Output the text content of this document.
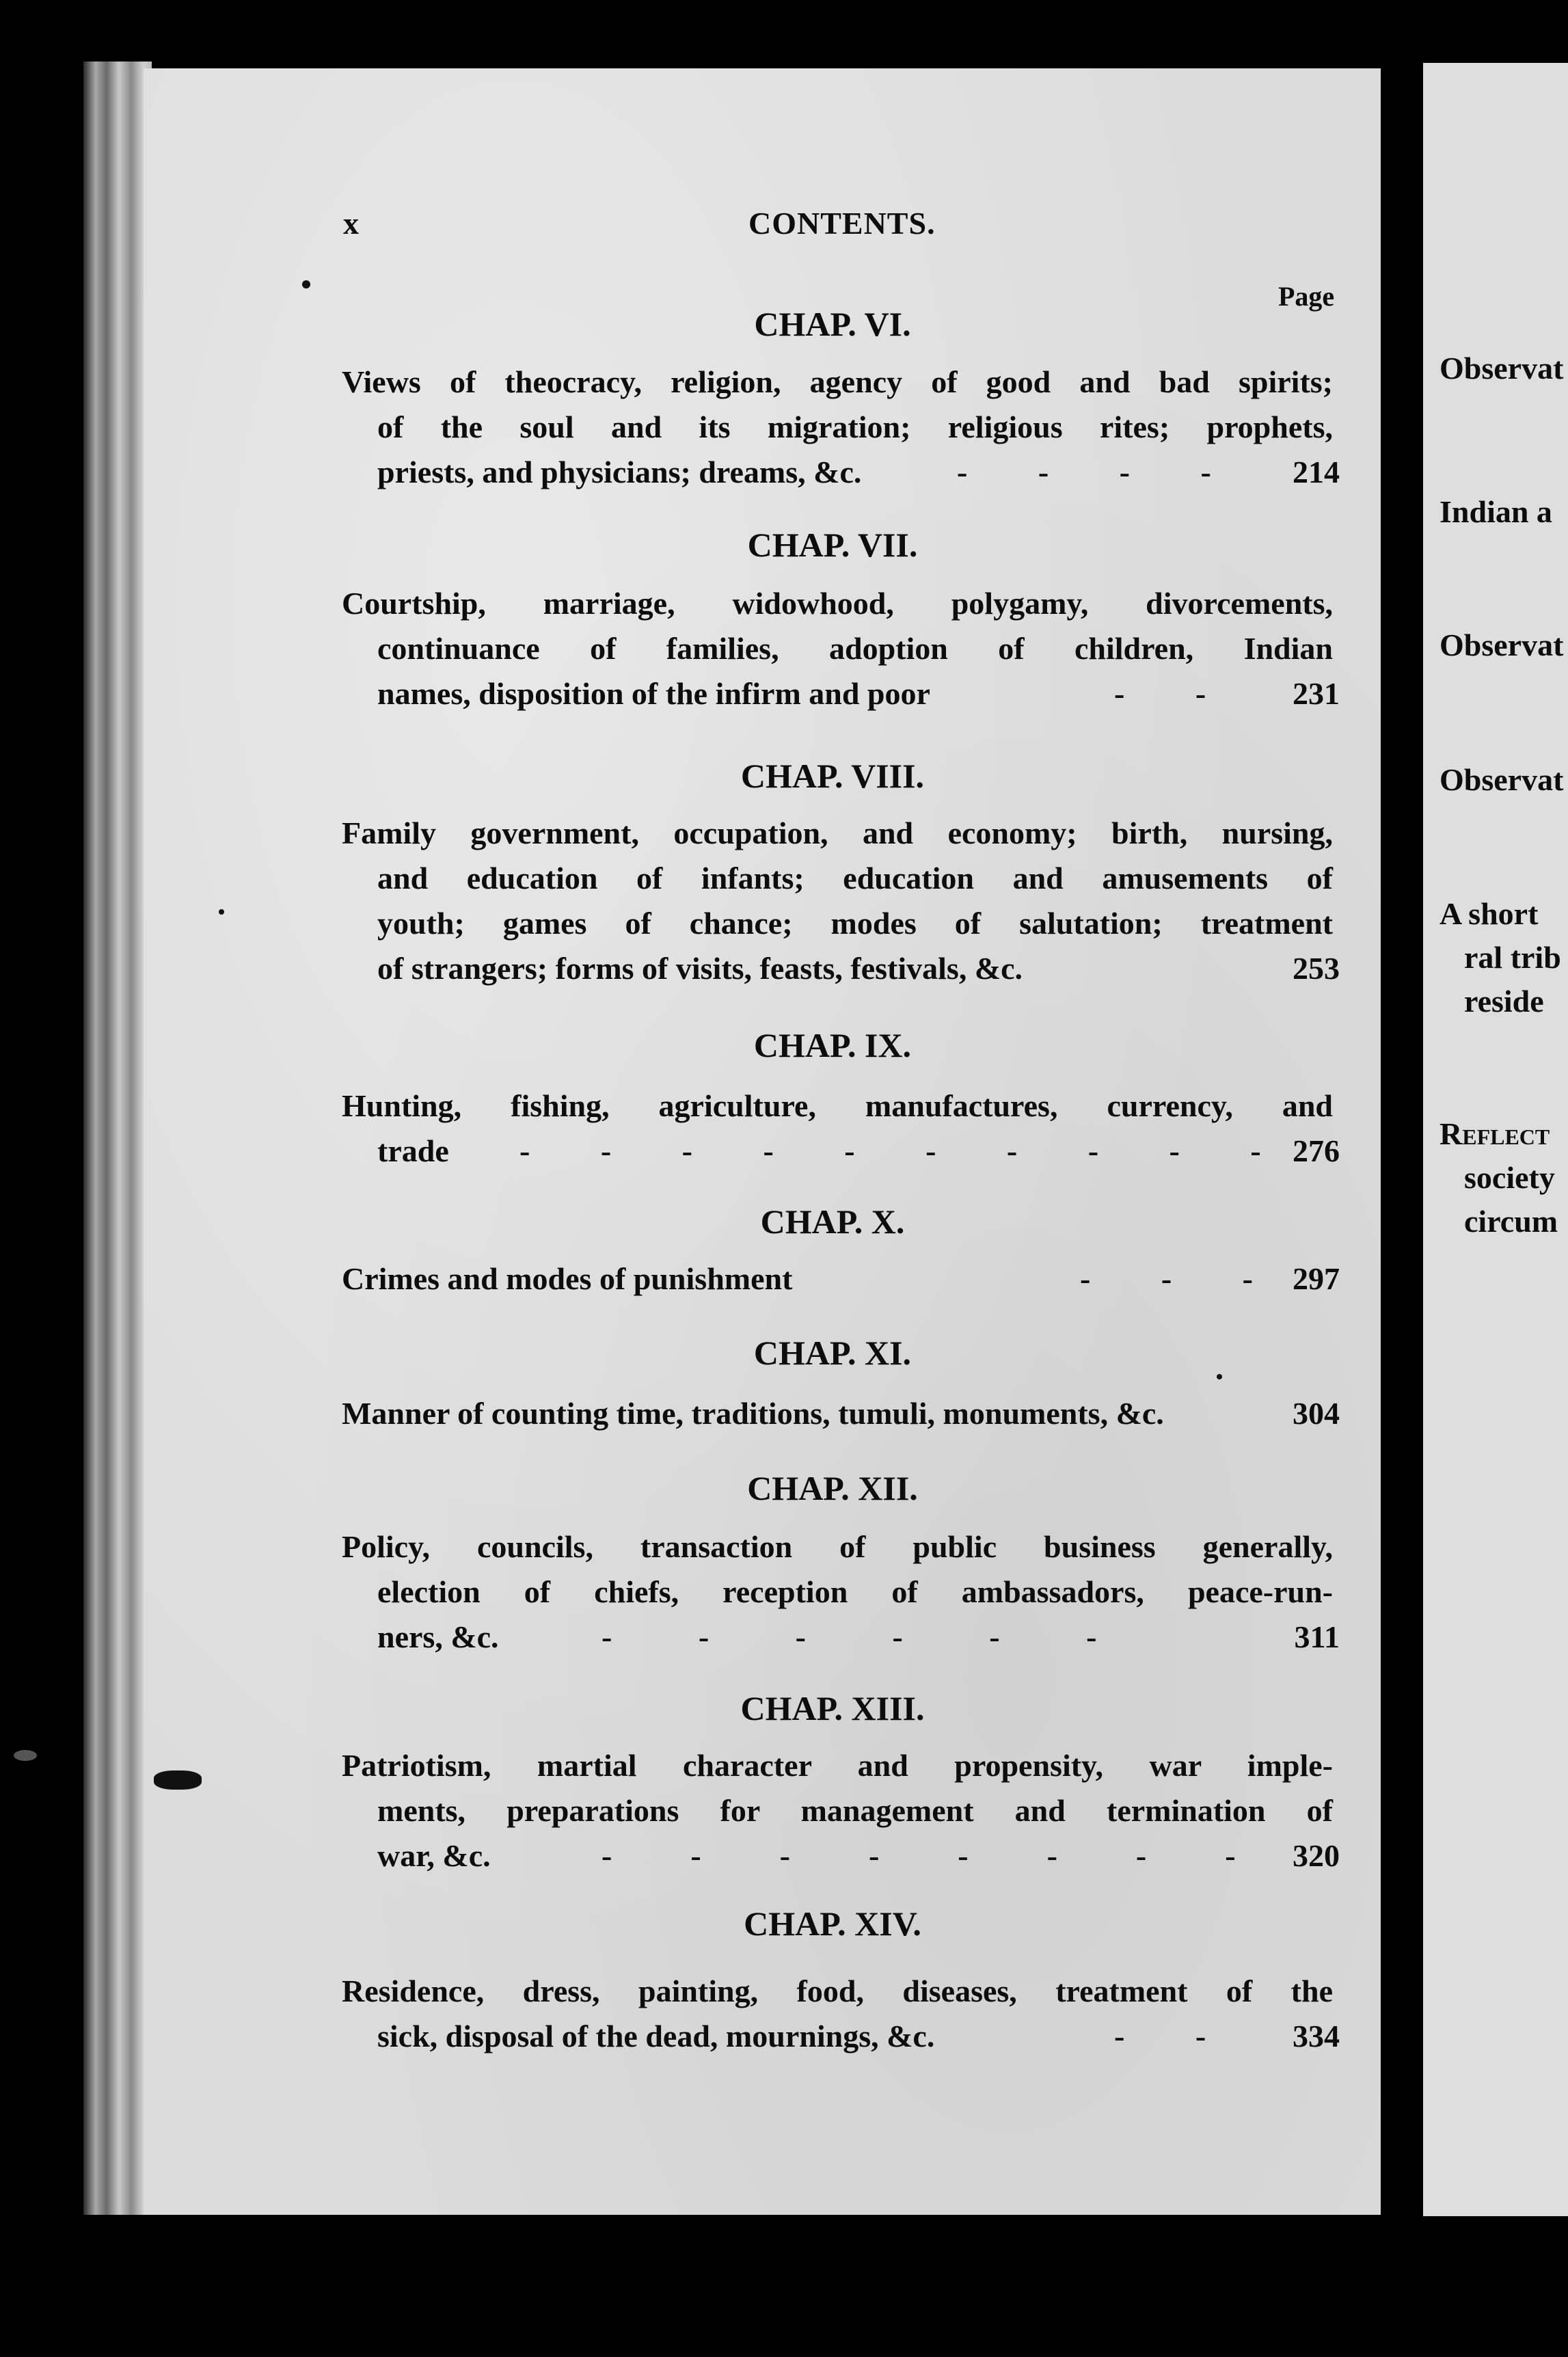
Observat
Indian a
Observat
Observat
A short
ral trib
reside
Reflect
society
circum
x	CONTENTS.
Page
CHAP. VI.
Views of theocracy, religion, agency of good and bad spirits;
of the soul and its migration; religious rites; prophets,
priests, and physicians; dreams, &c.	-         -         -         -	214
CHAP. VII.
Courtship, marriage, widowhood, polygamy, divorcements,
continuance of families, adoption of children, Indian
names, disposition of the infirm and poor	-         -	231
CHAP. VIII.
Family government, occupation, and economy; birth, nursing,
and education of infants; education and amusements of
youth; games of chance; modes of salutation; treatment
of strangers; forms of visits, feasts, festivals, &c.	253
CHAP. IX.
Hunting, fishing, agriculture, manufactures, currency, and
trade -         -         -         -         -         -         -         -         -         - 276
CHAP. X.
Crimes and modes of punishment	-         -         - 297
CHAP. XI.
Manner of counting time, traditions, tumuli, monuments, &c.	304
CHAP. XII.
Policy, councils, transaction of public business generally,
election of chiefs, reception of ambassadors, peace-run-
ners, &c.	-           -           -           -           -           -	311
CHAP. XIII.
Patriotism, martial character and propensity, war imple-
ments, preparations for management and termination of
war, &c.	-          -          -          -          -          -          -          - 320
CHAP. XIV.
Residence, dress, painting, food, diseases, treatment of the
sick, disposal of the dead, mournings, &c.	-         -	334
